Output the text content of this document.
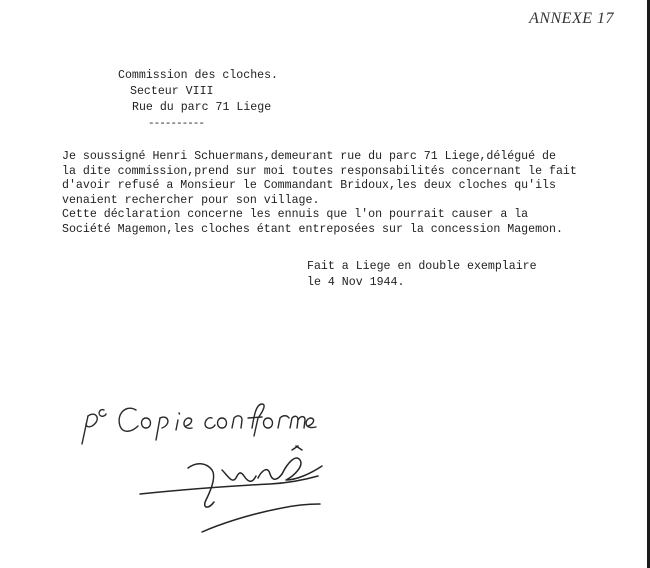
ANNEXE 17
Commission des cloches.
Secteur VIII
Rue du parc 71 Liege
----------
Je soussigné Henri Schuermans,demeurant rue du parc 71 Liege,délégué de
la dite commission,prend sur moi toutes responsabilités concernant le fait
d'avoir refusé a Monsieur le Commandant Bridoux,les deux cloches qu'ils
venaient rechercher pour son village.
Cette déclaration concerne les ennuis que l'on pourrait causer a la
Société Magemon,les cloches étant entreposées sur la concession Magemon.
Fait a Liege en double exemplaire
le 4 Nov 1944.
